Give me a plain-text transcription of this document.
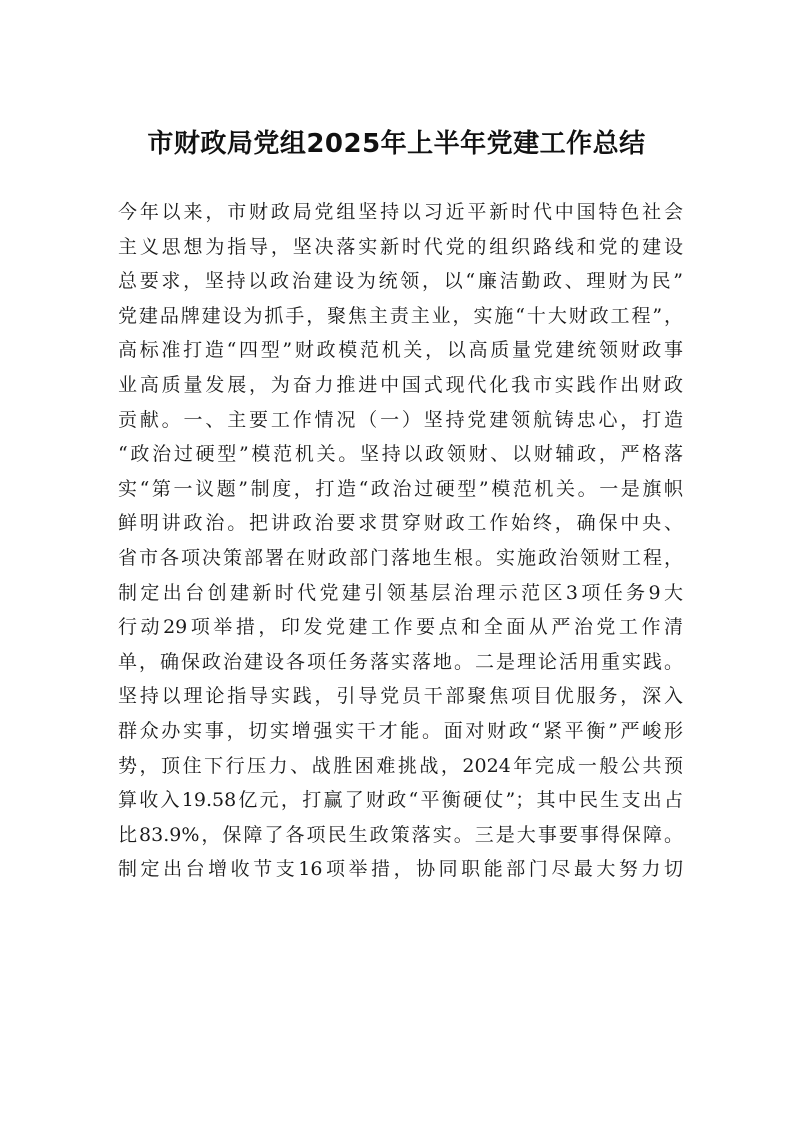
市财政局党组2025年上半年党建工作总结
今年以来，市财政局党组坚持以习近平新时代中国特色社会
主义思想为指导，坚决落实新时代党的组织路线和党的建设
总要求，坚持以政治建设为统领，以“廉洁勤政、理财为民”
党建品牌建设为抓手，聚焦主责主业，实施“十大财政工程”，
高标准打造“四型”财政模范机关，以高质量党建统领财政事
业高质量发展，为奋力推进中国式现代化我市实践作出财政
贡献。一、主要工作情况（一）坚持党建领航铸忠心，打造
“政治过硬型”模范机关。坚持以政领财、以财辅政，严格落
实“第一议题”制度，打造“政治过硬型”模范机关。一是旗帜
鲜明讲政治。把讲政治要求贯穿财政工作始终，确保中央、
省市各项决策部署在财政部门落地生根。实施政治领财工程，
制定出台创建新时代党建引领基层治理示范区3项任务9大
行动29项举措，印发党建工作要点和全面从严治党工作清
单，确保政治建设各项任务落实落地。二是理论活用重实践。
坚持以理论指导实践，引导党员干部聚焦项目优服务，深入
群众办实事，切实增强实干才能。面对财政“紧平衡”严峻形
势，顶住下行压力、战胜困难挑战，2024年完成一般公共预
算收入19.58亿元，打赢了财政“平衡硬仗”；其中民生支出占
比83.9%，保障了各项民生政策落实。三是大事要事得保障。
制定出台增收节支16项举措，协同职能部门尽最大努力切
